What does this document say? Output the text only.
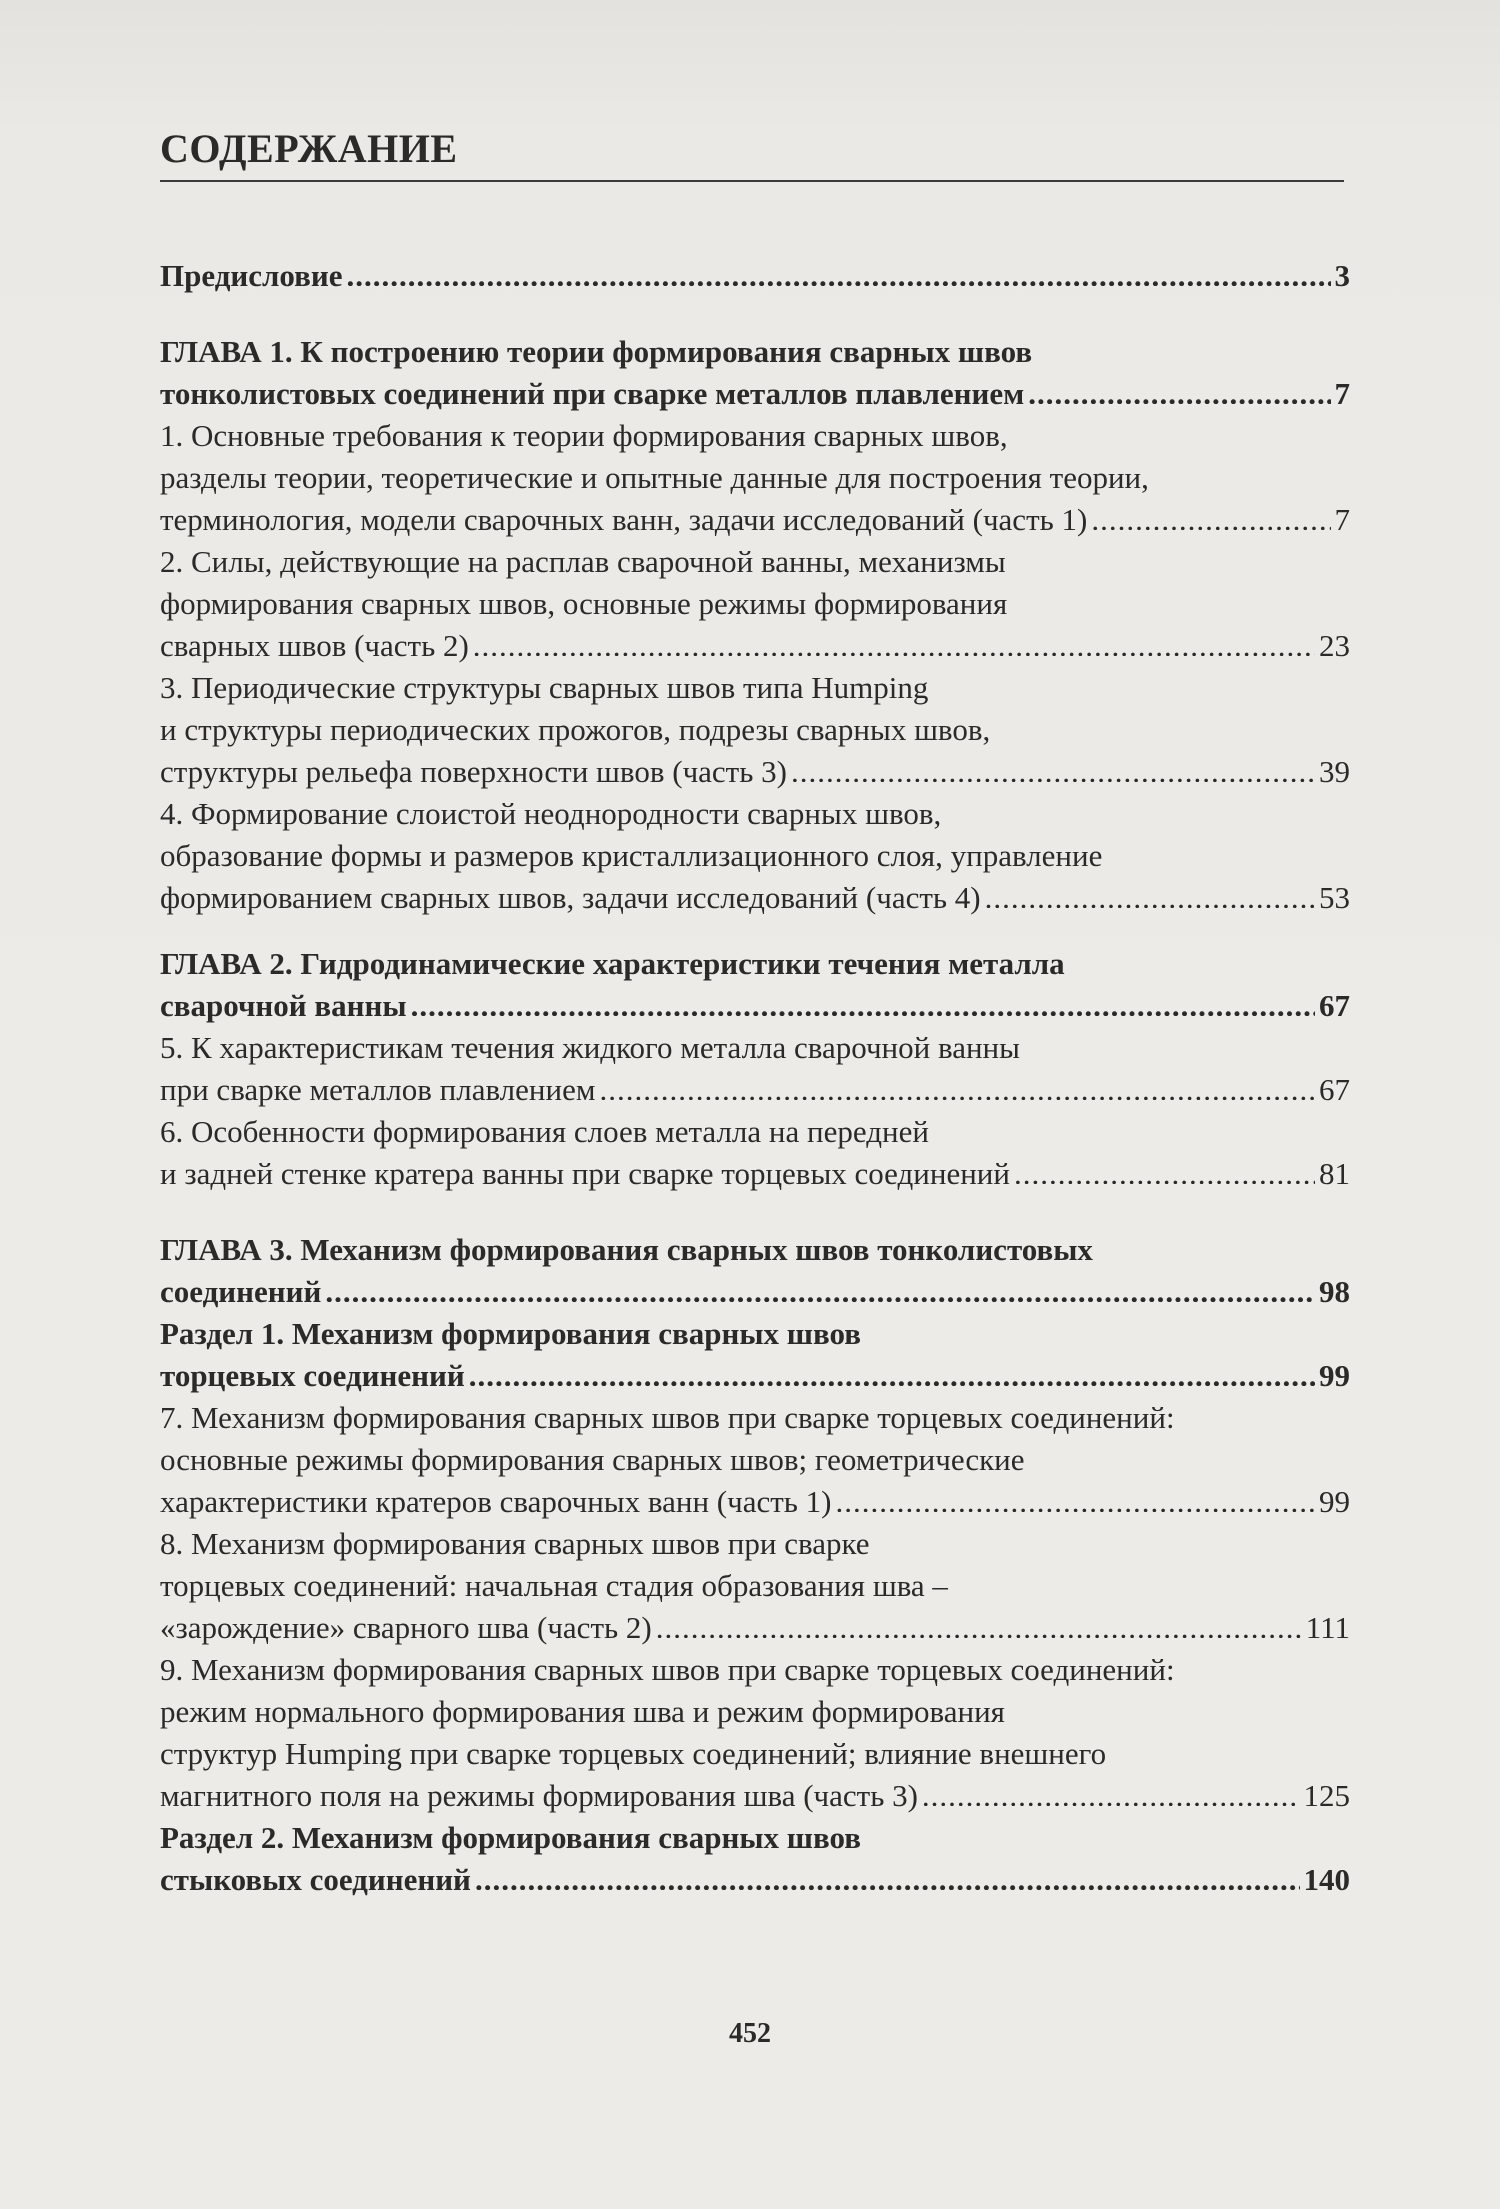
СОДЕРЖАНИЕ
Предисловие .....	3
ГЛАВА 1. К построению теории формирования сварных швов
тонколистовых соединений при сварке металлов плавлением .....	7
1. Основные требования к теории формирования сварных швов,
разделы теории, теоретические и опытные данные для построения теории,
терминология, модели сварочных ванн, задачи исследований (часть 1) .....	7
2. Силы, действующие на расплав сварочной ванны, механизмы
формирования сварных швов, основные режимы формирования
сварных швов (часть 2) .....	23
3. Периодические структуры сварных швов типа Humping
и структуры периодических прожогов, подрезы сварных швов,
структуры рельефа поверхности швов (часть 3) .....	39
4. Формирование слоистой неоднородности сварных швов,
образование формы и размеров кристаллизационного слоя, управление
формированием сварных швов, задачи исследований (часть 4) .....	53
ГЛАВА 2. Гидродинамические характеристики течения металла
сварочной ванны .....	67
5. К характеристикам течения жидкого металла сварочной ванны
при сварке металлов плавлением .....	67
6. Особенности формирования слоев металла на передней
и задней стенке кратера ванны при сварке торцевых соединений .....	81
ГЛАВА 3. Механизм формирования сварных швов тонколистовых
соединений .....	98
Раздел 1. Механизм формирования сварных швов
торцевых соединений .....	99
7. Механизм формирования сварных швов при сварке торцевых соединений:
основные режимы формирования сварных швов; геометрические
характеристики кратеров сварочных ванн (часть 1) .....	99
8. Механизм формирования сварных швов при сварке
торцевых соединений: начальная стадия образования шва –
«зарождение» сварного шва (часть 2) .....	111
9. Механизм формирования сварных швов при сварке торцевых соединений:
режим нормального формирования шва и режим формирования
структур Humping при сварке торцевых соединений; влияние внешнего
магнитного поля на режимы формирования шва (часть 3) .....	125
Раздел 2. Механизм формирования сварных швов
стыковых соединений .....	140
452
